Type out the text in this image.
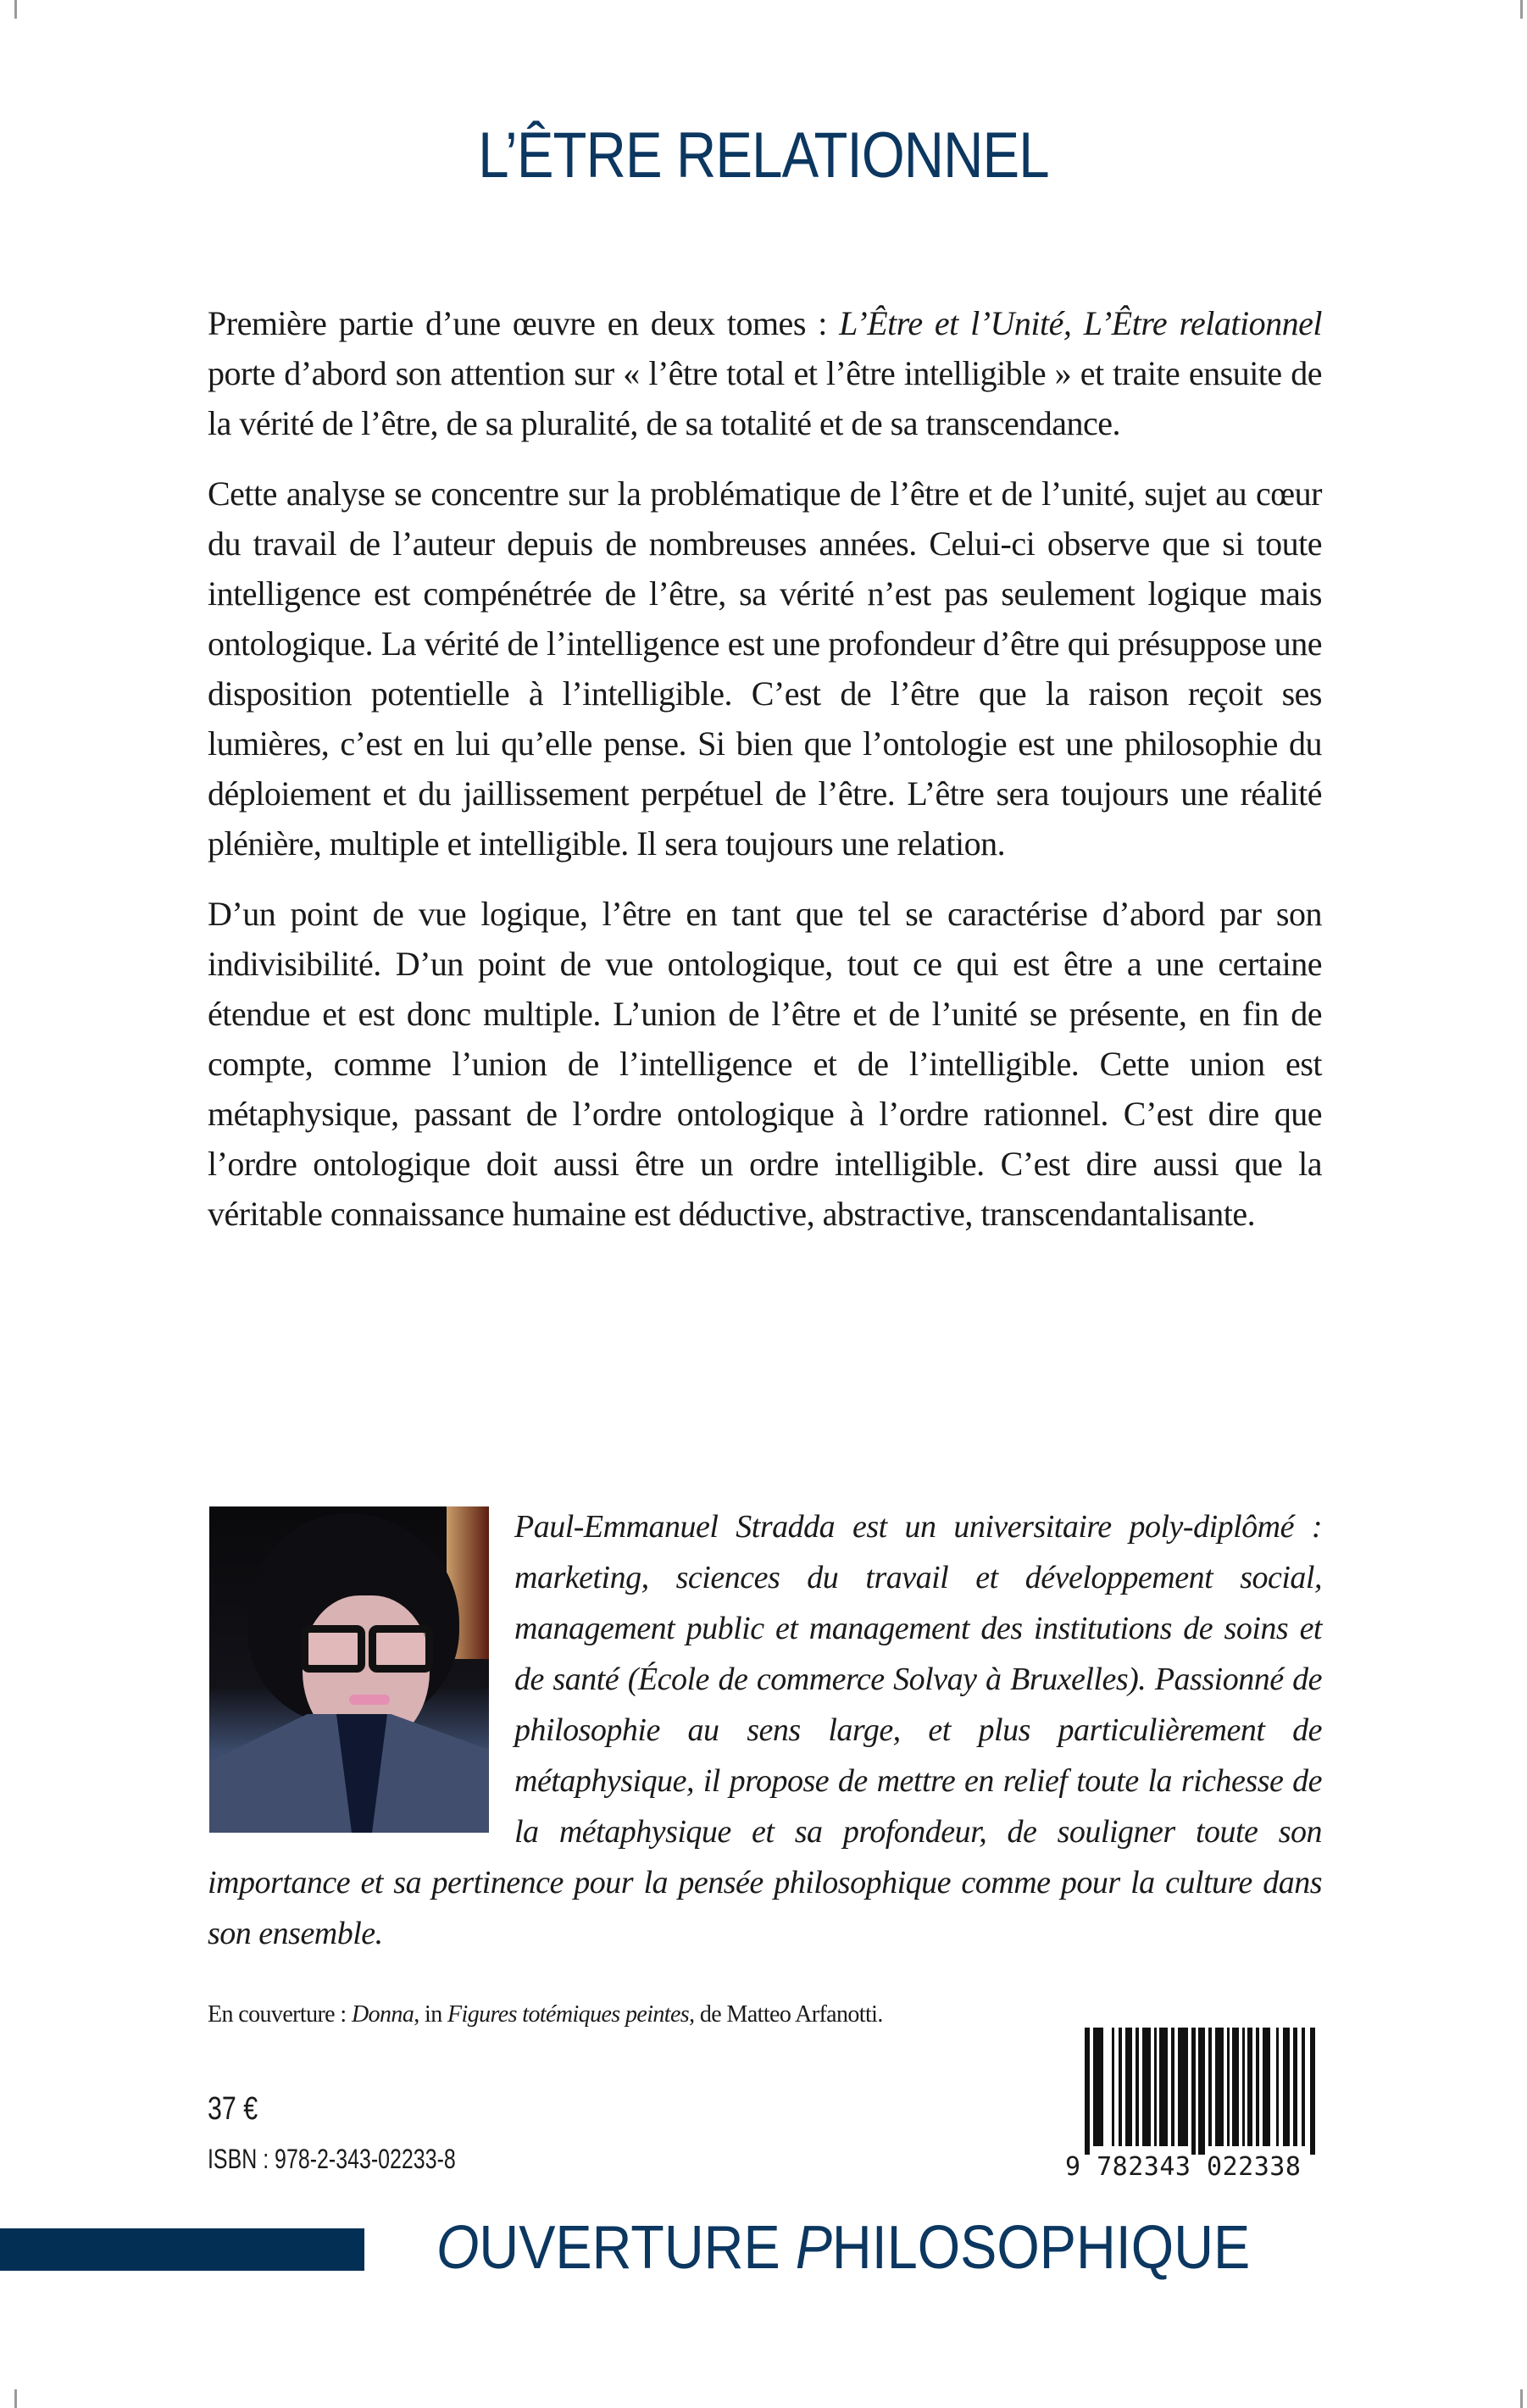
L’ÊTRE RELATIONNEL

Première partie d’une œuvre en deux tomes : L’Être et l’Unité, L’Être relationnel porte d’abord son attention sur « l’être total et l’être intelligible » et traite ensuite de la vérité de l’être, de sa pluralité, de sa totalité et de sa transcendance.

Cette analyse se concentre sur la problématique de l’être et de l’unité, sujet au cœur du travail de l’auteur depuis de nombreuses années. Celui-ci observe que si toute intelligence est compénétrée de l’être, sa vérité n’est pas seulement logique mais ontologique. La vérité de l’intelligence est une profondeur d’être qui présuppose une disposition potentielle à l’intelligible. C’est de l’être que la raison reçoit ses lumières, c’est en lui qu’elle pense. Si bien que l’ontologie est une philosophie du déploiement et du jaillissement perpétuel de l’être. L’être sera toujours une réalité plénière, multiple et intelligible. Il sera toujours une relation.

D’un point de vue logique, l’être en tant que tel se caractérise d’abord par son indivisibilité. D’un point de vue ontologique, tout ce qui est être a une certaine étendue et est donc multiple. L’union de l’être et de l’unité se présente, en fin de compte, comme l’union de l’intelligence et de l’intelligible. Cette union est métaphysique, passant de l’ordre ontologique à l’ordre rationnel. C’est dire que l’ordre ontologique doit aussi être un ordre intelligible. C’est dire aussi que la véritable connaissance humaine est déductive, abstractive, transcendantalisante.

Paul-Emmanuel Stradda est un universitaire poly-diplômé : marketing, sciences du travail et développement social, management public et management des institutions de soins et de santé (École de commerce Solvay à Bruxelles). Passionné de philosophie au sens large, et plus particulièrement de métaphysique, il propose de mettre en relief toute la richesse de la métaphysique et sa profondeur, de souligner toute son importance et sa pertinence pour la pensée philosophique comme pour la culture dans son ensemble.
En couverture : Donna, in Figures totémiques peintes, de Matteo Arfanotti.
37 €
ISBN : 978-2-343-02233-8	9 782343 022338
OUVERTURE PHILOSOPHIQUE
